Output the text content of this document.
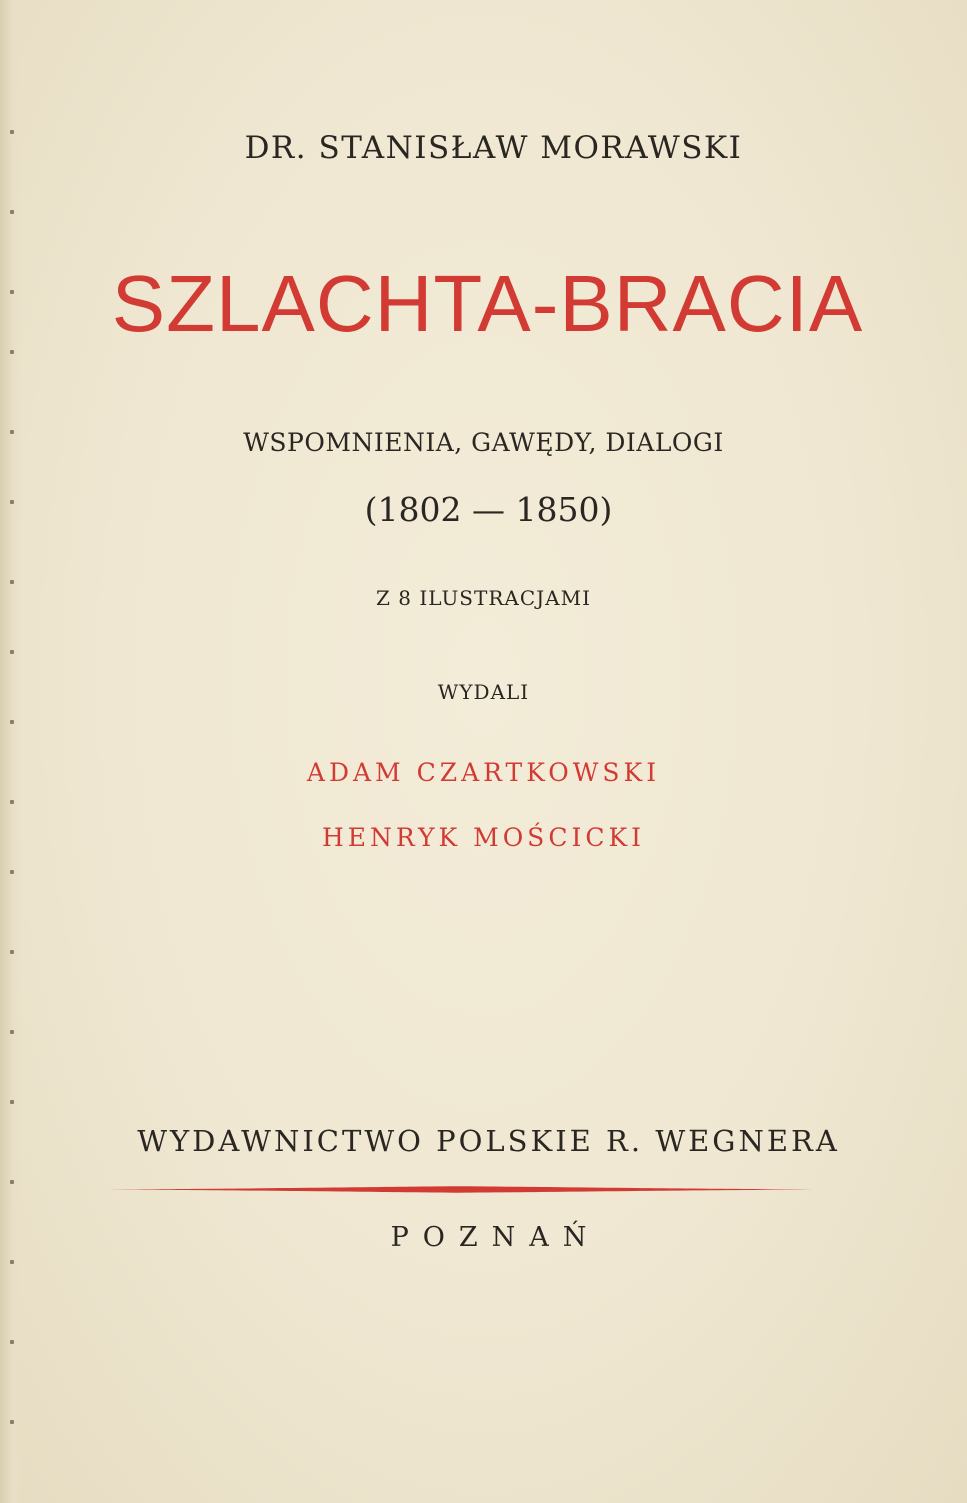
DR. STANISŁAW MORAWSKI
SZLACHTA-BRACIA
WSPOMNIENIA, GAWĘDY, DIALOGI
(1802 — 1850)
Z 8 ILUSTRACJAMI
WYDALI
ADAM CZARTKOWSKI
HENRYK MOŚCICKI
WYDAWNICTWO POLSKIE R. WEGNERA
POZNAŃ
